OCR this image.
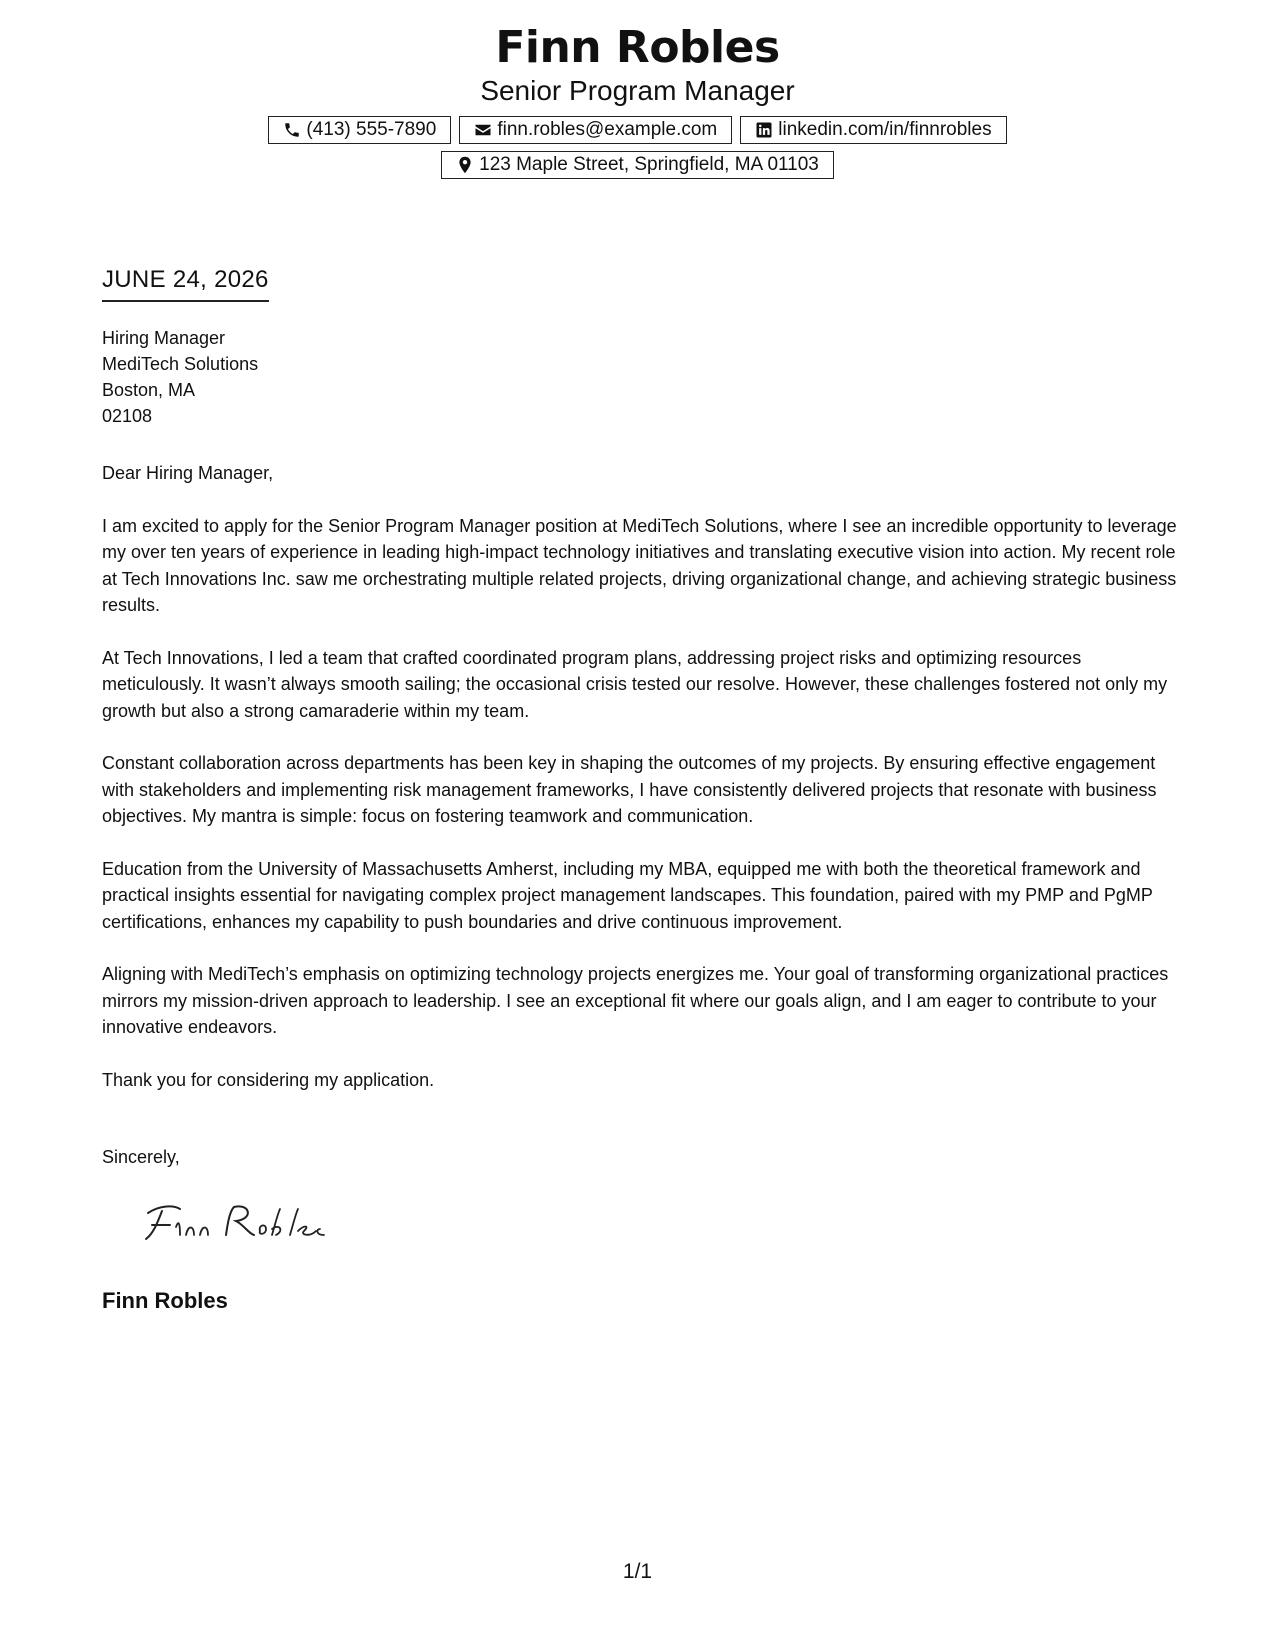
Finn Robles
Senior Program Manager
(413) 555-7890	finn.robles@example.com	linkedin.com/in/finnrobles
123 Maple Street, Springfield, MA 01103
JUNE 24, 2026
Hiring Manager
MediTech Solutions
Boston, MA
02108

Dear Hiring Manager,

I am excited to apply for the Senior Program Manager position at MediTech Solutions, where I see an incredible opportunity to leverage my over ten years of experience in leading high-impact technology initiatives and translating executive vision into action. My recent role at Tech Innovations Inc. saw me orchestrating multiple related projects, driving organizational change, and achieving strategic business results.

At Tech Innovations, I led a team that crafted coordinated program plans, addressing project risks and optimizing resources meticulously. It wasn’t always smooth sailing; the occasional crisis tested our resolve. However, these challenges fostered not only my growth but also a strong camaraderie within my team.

Constant collaboration across departments has been key in shaping the outcomes of my projects. By ensuring effective engagement with stakeholders and implementing risk management frameworks, I have consistently delivered projects that resonate with business objectives. My mantra is simple: focus on fostering teamwork and communication.

Education from the University of Massachusetts Amherst, including my MBA, equipped me with both the theoretical framework and practical insights essential for navigating complex project management landscapes. This foundation, paired with my PMP and PgMP certifications, enhances my capability to push boundaries and drive continuous improvement.

Aligning with MediTech’s emphasis on optimizing technology projects energizes me. Your goal of transforming organizational practices mirrors my mission-driven approach to leadership. I see an exceptional fit where our goals align, and I am eager to contribute to your innovative endeavors.

Thank you for considering my application.

Sincerely,
Finn Robles
1/1
